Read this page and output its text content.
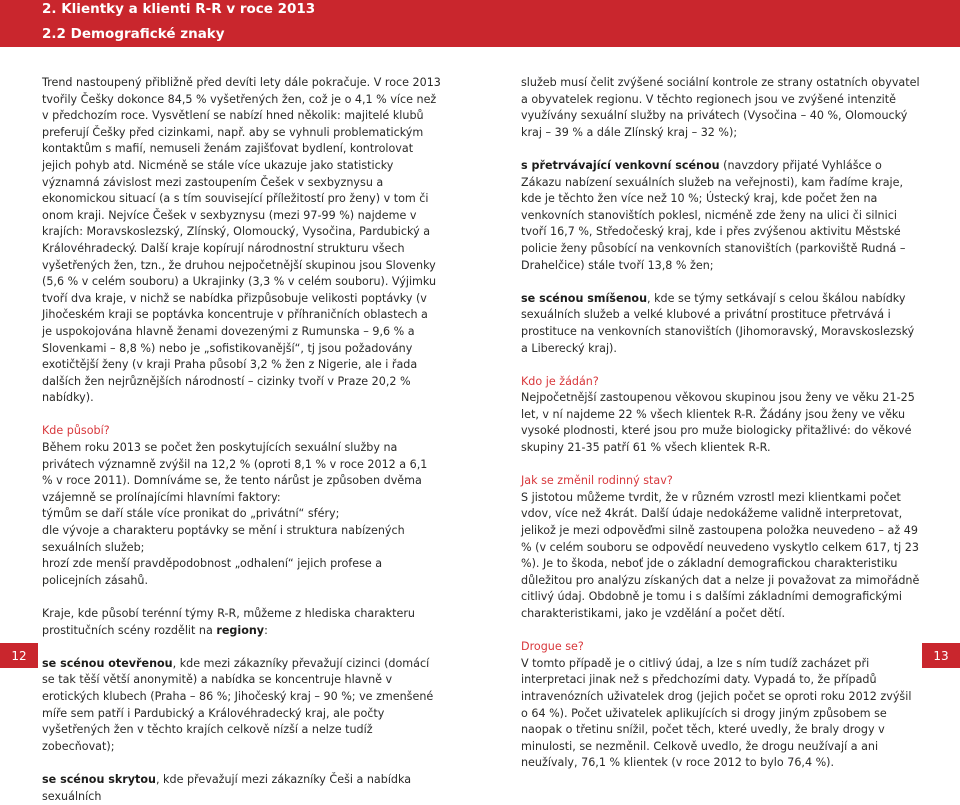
2. Klientky a klienti R-R v roce 2013
2.2 Demografické znaky

Trend nastoupený přibližně před devíti lety dále pokračuje. V roce 2013 tvořily Češky dokonce 84,5 % vyšetřených žen, což je o 4,1 % více než v předchozím roce. Vysvětlení se nabízí hned několik: majitelé klubů preferují Češky před cizinkami, např. aby se vyhnuli problematickým kontaktům s mafií, nemuseli ženám zajišťovat bydlení, kontrolovat jejich pohyb atd. Nicméně se stále více ukazuje jako statisticky významná závislost mezi zastoupením Češek v sexbyznysu a ekonomickou situací (a s tím související příležitostí pro ženy) v tom či onom kraji. Nejvíce Češek v sexbyznysu (mezi 97-99 %) najdeme v krajích: Moravskoslezský, Zlínský, Olomoucký, Vysočina, Pardubický a Královéhradecký. Další kraje kopírují národnostní strukturu všech vyšetřených žen, tzn., že druhou nejpočetnější skupinou jsou Slovenky (5,6 % v celém souboru) a Ukrajinky (3,3 % v celém souboru). Výjimku tvoří dva kraje, v nichž se nabídka přizpůsobuje velikosti poptávky (v Jihočeském kraji se poptávka koncentruje v příhraničních oblastech a je uspokojována hlavně ženami dovezenými z Rumunska – 9,6 % a Slovenkami – 8,8 %) nebo je „sofistikovanější“, tj jsou požadovány exotičtější ženy (v kraji Praha působí 3,2 % žen z Nigerie, ale i řada dalších žen nejrůznějších národností – cizinky tvoří v Praze 20,2 % nabídky).

Kde působí?

Během roku 2013 se počet žen poskytujících sexuální služby na privátech významně zvýšil na 12,2 % (oproti 8,1 % v roce 2012 a 6,1 % v roce 2011). Domníváme se, že tento nárůst je způsoben dvěma vzájemně se prolínajícími hlavními faktory:

týmům se daří stále více pronikat do „privátní“ sféry;

dle vývoje a charakteru poptávky se mění i struktura nabízených sexuálních služeb;

hrozí zde menší pravděpodobnost „odhalení“ jejich profese a policejních zásahů.

Kraje, kde působí terénní týmy R-R, můžeme z hlediska charakteru prostitučních scény rozdělit na regiony:

se scénou otevřenou, kde mezi zákazníky převažují cizinci (domácí se tak těší větší anonymitě) a nabídka se koncentruje hlavně v erotických klubech (Praha – 86 %; Jihočeský kraj – 90 %; ve zmenšené míře sem patří i Pardubický a Královéhradecký kraj, ale počty vyšetřených žen v těchto krajích celkově nízší a nelze tudíž zobecňovat);

se scénou skrytou, kde převažují mezi zákazníky Češi a nabídka sexuálních

služeb musí čelit zvýšené sociální kontrole ze strany ostatních obyvatel a obyvatelek regionu. V těchto regionech jsou ve zvýšené intenzitě využívány sexuální služby na privátech (Vysočina – 40 %, Olomoucký kraj – 39 % a dále Zlínský kraj – 32 %);

s přetrvávající venkovní scénou (navzdory přijaté Vyhlášce o Zákazu nabízení sexuálních služeb na veřejnosti), kam řadíme kraje, kde je těchto žen více než 10 %; Ústecký kraj, kde počet žen na venkovních stanovištích poklesl, nicméně zde ženy na ulici či silnici tvoří 16,7 %, Středočeský kraj, kde i přes zvýšenou aktivitu Městské policie ženy působící na venkovních stanovištích (parkoviště Rudná – Drahelčice) stále tvoří 13,8 % žen;

se scénou smíšenou, kde se týmy setkávají s celou škálou nabídky sexuálních služeb a velké klubové a privátní prostituce přetrvává i prostituce na venkovních stanovištích (Jihomoravský, Moravskoslezský a Liberecký kraj).

Kdo je žádán?

Nejpočetnější zastoupenou věkovou skupinou jsou ženy ve věku 21-25 let, v ní najdeme 22 % všech klientek R-R. Žádány jsou ženy ve věku vysoké plodnosti, které jsou pro muže biologicky přitažlivé: do věkové skupiny 21-35 patří 61 % všech klientek R-R.

Jak se změnil rodinný stav?

S jistotou můžeme tvrdit, že v různém vzrostl mezi klientkami počet vdov, více než 4krát. Další údaje nedokážeme validně interpretovat, jelikož je mezi odpověďmi silně zastoupena položka neuvedeno – až 49 % (v celém souboru se odpovědí neuvedeno vyskytlo celkem 617, tj 23 %). Je to škoda, neboť jde o základní demografickou charakteristiku důležitou pro analýzu získaných dat a nelze ji považovat za mimořádně citlivý údaj. Obdobně je tomu i s dalšími základními demografickými charakteristikami, jako je vzdělání a počet dětí.

Drogue se?

V tomto případě je o citlivý údaj, a lze s ním tudíž zacházet při interpretaci jinak než s předchozími daty. Vypadá to, že případů intravenózních uživatelek drog (jejich počet se oproti roku 2012 zvýšil o 64 %). Počet uživatelek aplikujících si drogy jiným způsobem se naopak o třetinu snížil, počet těch, které uvedly, že braly drogy v minulosti, se nezměnil. Celkově uvedlo, že drogu neužívají a ani neužívaly, 76,1 % klientek (v roce 2012 to bylo 76,4 %).

12	13
